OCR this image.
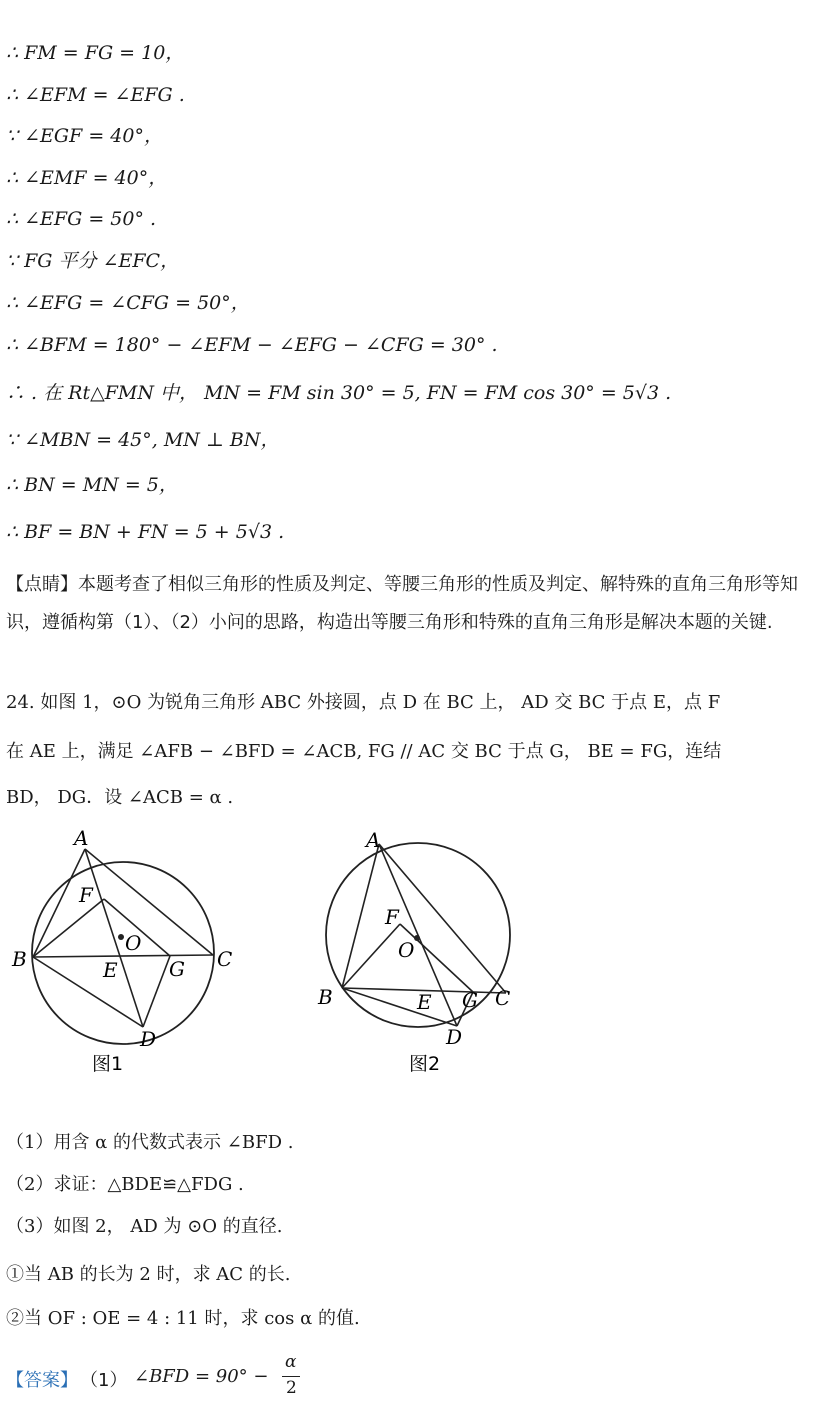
∴ FM = FG = 10，
∴ ∠EFM = ∠EFG .
∵ ∠EGF = 40°，
∴ ∠EMF = 40°，
∴ ∠EFG = 50° .
∵ FG 平分 ∠EFC，
∴ ∠EFG = ∠CFG = 50°，
∴ ∠BFM = 180° − ∠EFM − ∠EFG − ∠CFG = 30° .
∴ . 在 Rt△FMN 中， MN = FM sin 30° = 5, FN = FM cos 30° = 5√3 .
∵ ∠MBN = 45°, MN ⊥ BN，
∴ BN = MN = 5，
∴ BF = BN + FN = 5 + 5√3 .
【点睛】本题考查了相似三角形的性质及判定、等腰三角形的性质及判定、解特殊的直角三角形等知识，遵循构第（1）、（2）小问的思路，构造出等腰三角形和特殊的直角三角形是解决本题的关键.
24. 如图 1，⊙O 为锐角三角形 ABC 外接圆，点 D 在 BC 上， AD 交 BC 于点 E，点 F
在 AE 上，满足 ∠AFB − ∠BFD = ∠ACB, FG // AC 交 BC 于点 G， BE = FG，连结
BD， DG．设 ∠ACB = α .
A
F
O
B	E	G C
D
图1
A
F
O
B	E G C
D
图2
（1）用含 α 的代数式表示 ∠BFD .
（2）求证：△BDE≌△FDG .
（3）如图 2， AD 为 ⊙O 的直径.
①当 AB 的长为 2 时，求 AC 的长.
②当 OF : OE = 4 : 11 时，求 cos α 的值.
【答案】 （1） ∠BFD = 90° −
α
2
